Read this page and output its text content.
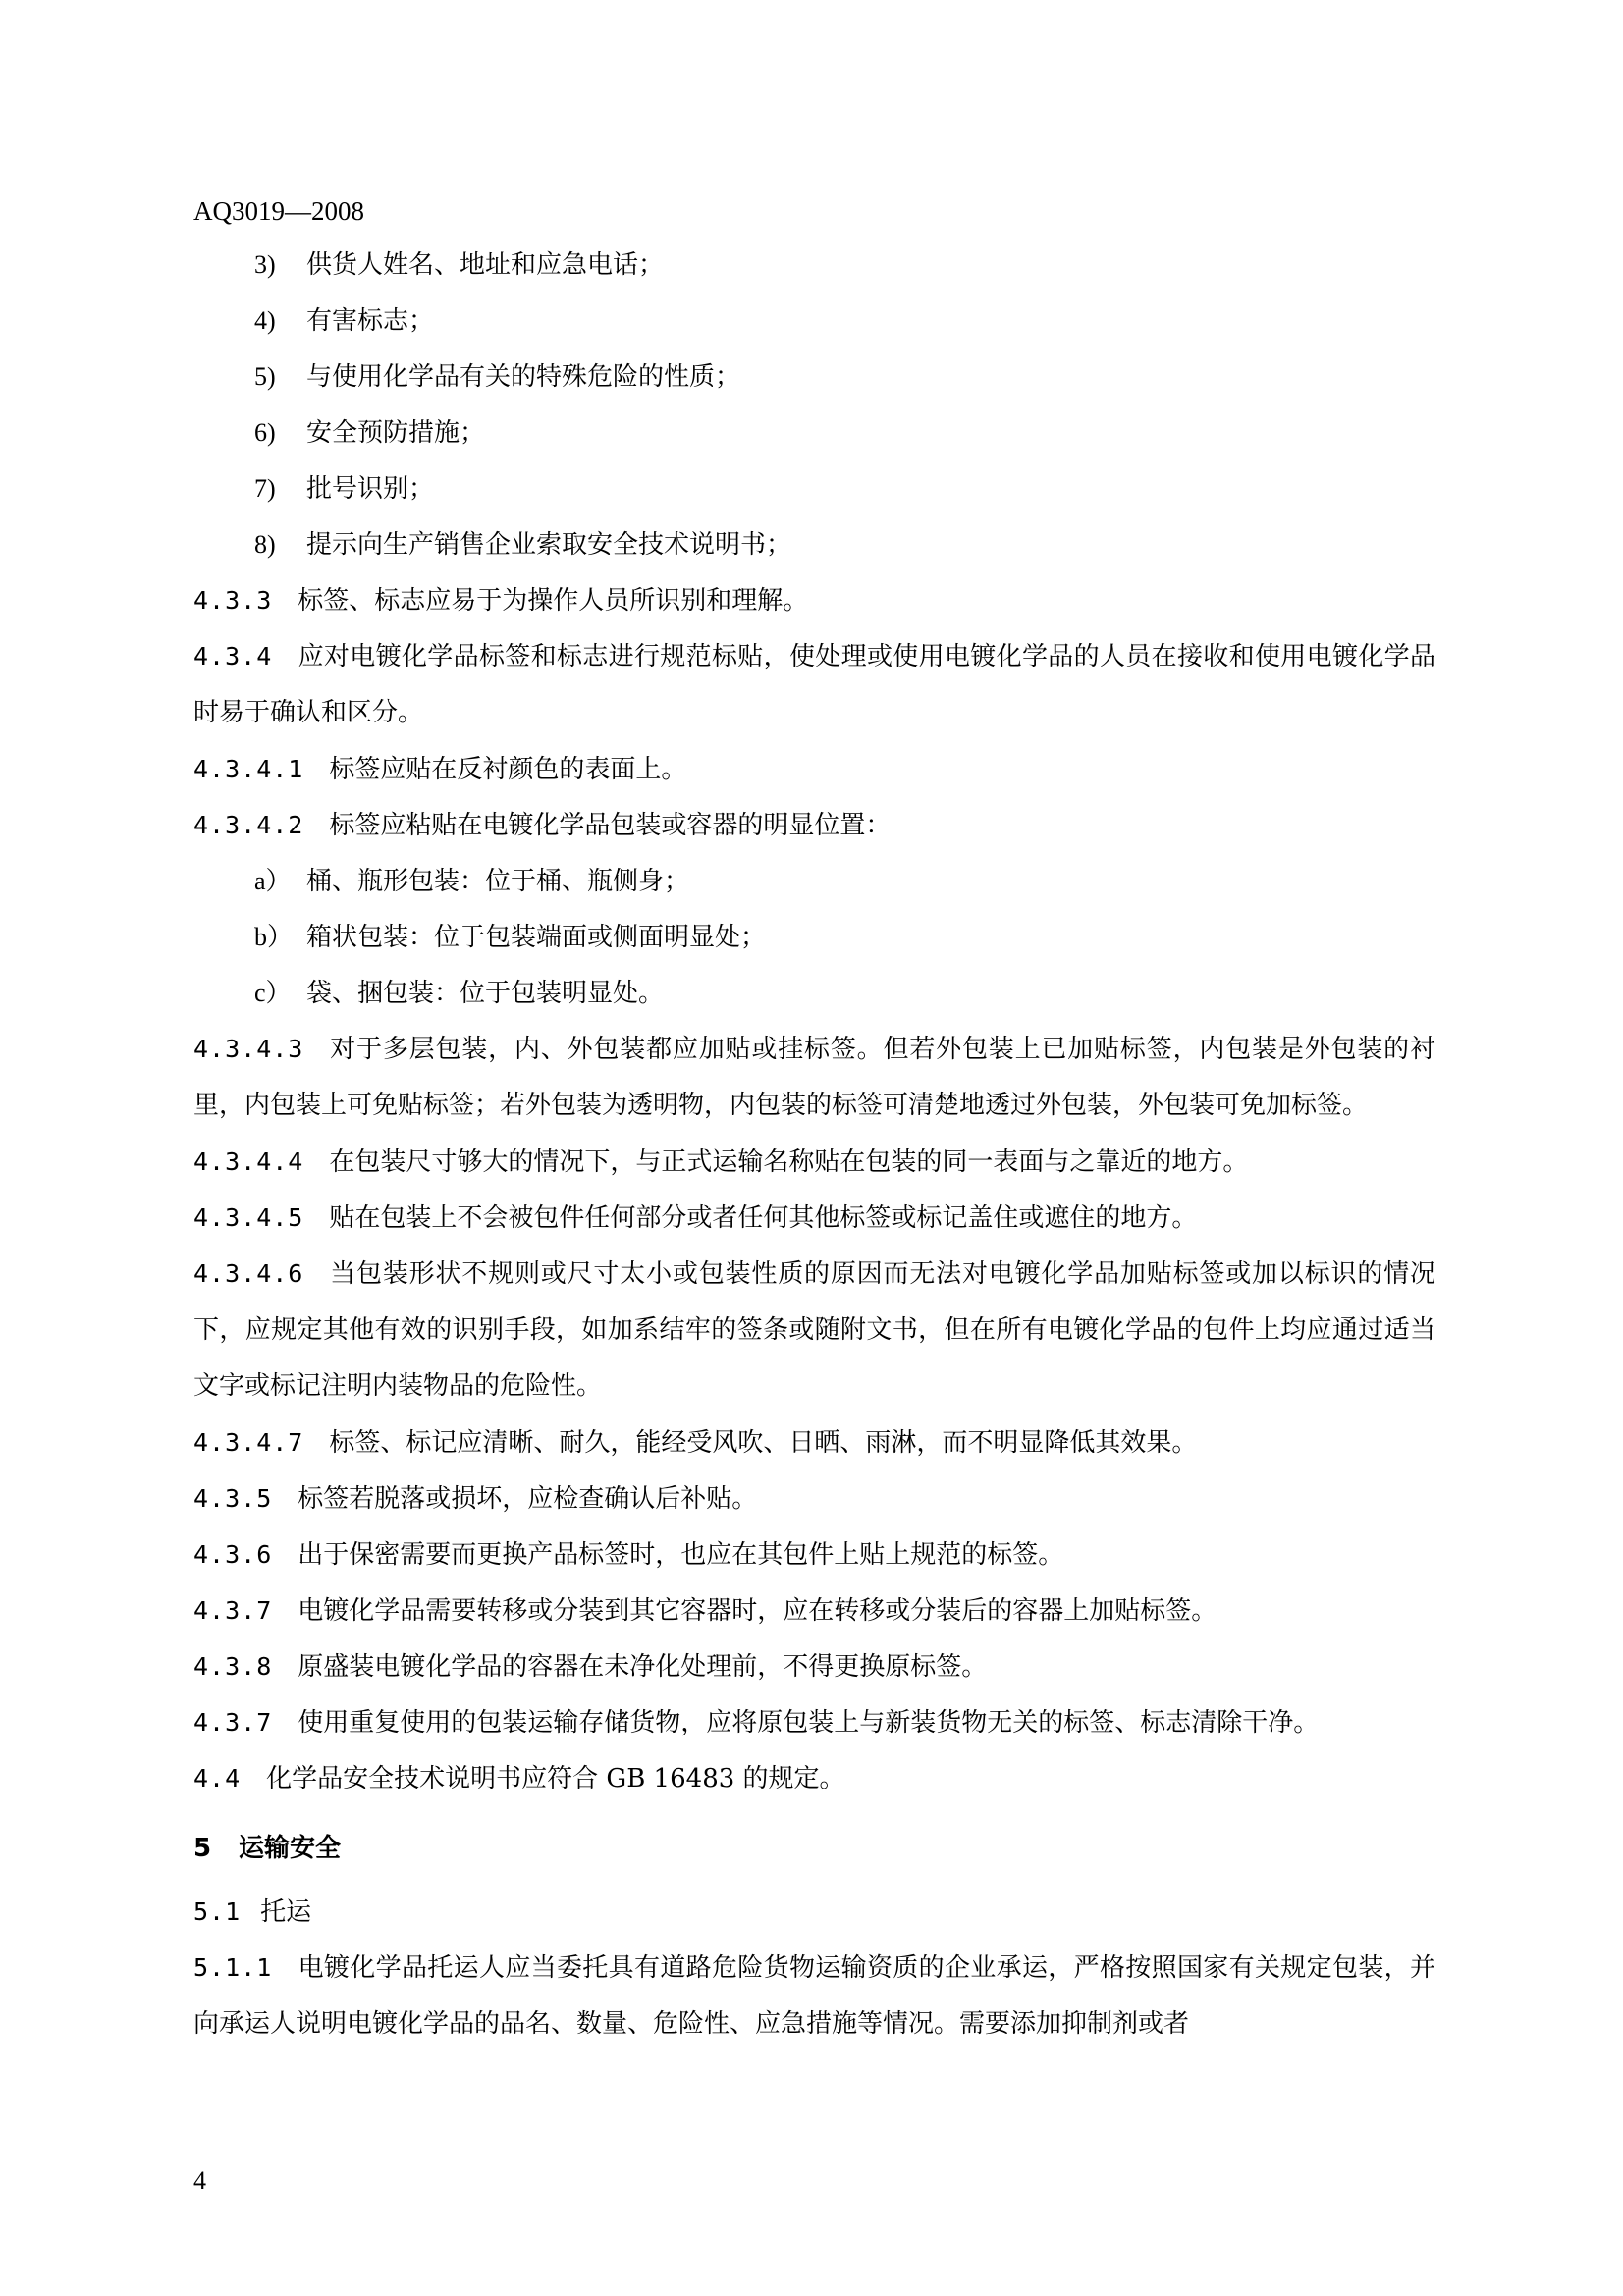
AQ3019—2008
3) 供货人姓名、地址和应急电话；
4) 有害标志；
5) 与使用化学品有关的特殊危险的性质；
6) 安全预防措施；
7) 批号识别；
8) 提示向生产销售企业索取安全技术说明书；
4.3.3 标签、标志应易于为操作人员所识别和理解。
4.3.4 应对电镀化学品标签和标志进行规范标贴，使处理或使用电镀化学品的人员在接收和使用电镀化学品时易于确认和区分。
4.3.4.1 标签应贴在反衬颜色的表面上。
4.3.4.2 标签应粘贴在电镀化学品包装或容器的明显位置：
a） 桶、瓶形包装：位于桶、瓶侧身；
b） 箱状包装：位于包装端面或侧面明显处；
c） 袋、捆包装：位于包装明显处。
4.3.4.3 对于多层包装，内、外包装都应加贴或挂标签。但若外包装上已加贴标签，内包装是外包装的衬里，内包装上可免贴标签；若外包装为透明物，内包装的标签可清楚地透过外包装，外包装可免加标签。
4.3.4.4 在包装尺寸够大的情况下，与正式运输名称贴在包装的同一表面与之靠近的地方。
4.3.4.5 贴在包装上不会被包件任何部分或者任何其他标签或标记盖住或遮住的地方。
4.3.4.6 当包装形状不规则或尺寸太小或包装性质的原因而无法对电镀化学品加贴标签或加以标识的情况下，应规定其他有效的识别手段，如加系结牢的签条或随附文书，但在所有电镀化学品的包件上均应通过适当文字或标记注明内装物品的危险性。
4.3.4.7 标签、标记应清晰、耐久，能经受风吹、日晒、雨淋，而不明显降低其效果。
4.3.5 标签若脱落或损坏，应检查确认后补贴。
4.3.6 出于保密需要而更换产品标签时，也应在其包件上贴上规范的标签。
4.3.7 电镀化学品需要转移或分装到其它容器时，应在转移或分装后的容器上加贴标签。
4.3.8 原盛装电镀化学品的容器在未净化处理前，不得更换原标签。
4.3.7 使用重复使用的包装运输存储货物，应将原包装上与新装货物无关的标签、标志清除干净。
4.4 化学品安全技术说明书应符合 GB 16483 的规定。
5 运输安全
5.1 托运
5.1.1 电镀化学品托运人应当委托具有道路危险货物运输资质的企业承运，严格按照国家有关规定包装，并向承运人说明电镀化学品的品名、数量、危险性、应急措施等情况。需要添加抑制剂或者
4
